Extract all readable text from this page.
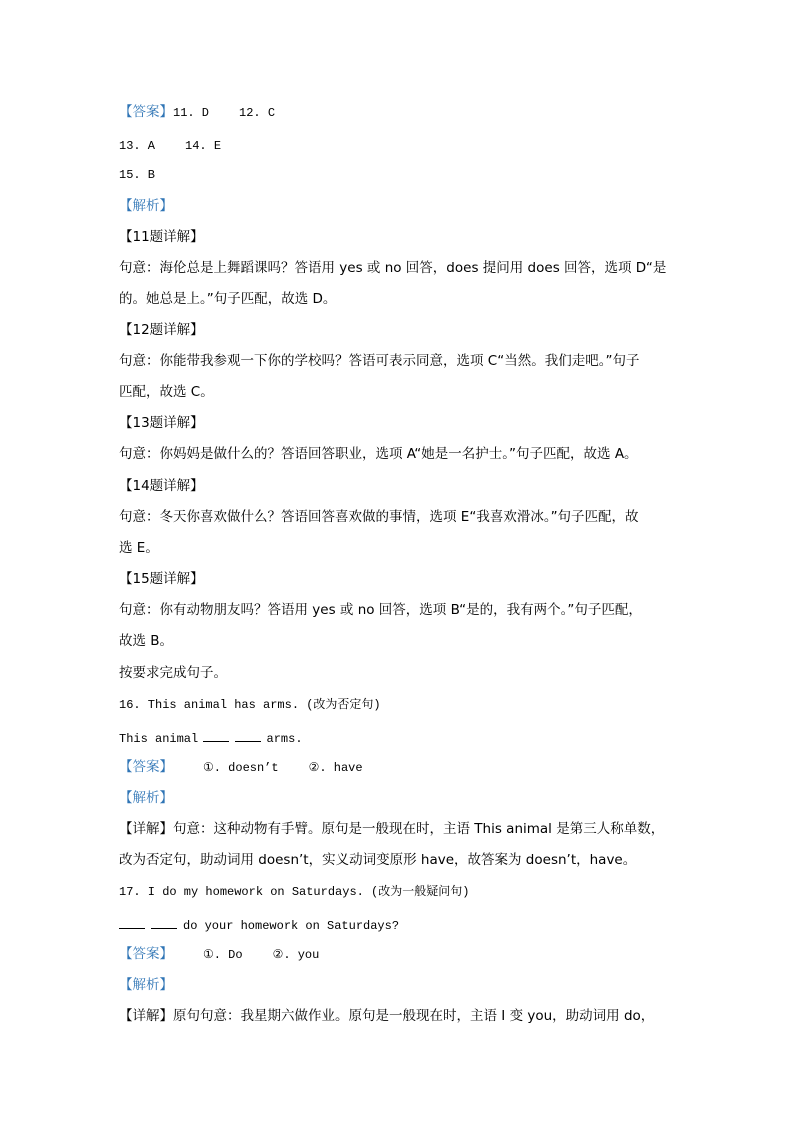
【答案】11. D	12. C
13. A	14. E
15. B
【解析】
【11题详解】
句意：海伦总是上舞蹈课吗？答语用 yes 或 no 回答，does 提问用 does 回答，选项 D“是
的。她总是上。”句子匹配，故选 D。
【12题详解】
句意：你能带我参观一下你的学校吗？答语可表示同意，选项 C“当然。我们走吧。”句子
匹配，故选 C。
【13题详解】
句意：你妈妈是做什么的？答语回答职业，选项 A“她是一名护士。”句子匹配，故选 A。
【14题详解】
句意：冬天你喜欢做什么？答语回答喜欢做的事情，选项 E“我喜欢滑冰。”句子匹配，故
选 E。
【15题详解】
句意：你有动物朋友吗？答语用 yes 或 no 回答，选项 B“是的，我有两个。”句子匹配，
故选 B。
按要求完成句子。
16. This animal has arms. (改为否定句)
This animal	arms.
【答案】	①. doesn’t	②. have
【解析】
【详解】句意：这种动物有手臂。原句是一般现在时，主语 This animal 是第三人称单数，
改为否定句，助动词用 doesn’t，实义动词变原形 have，故答案为 doesn’t，have。
17. I do my homework on Saturdays. (改为一般疑问句)
do your homework on Saturdays?
【答案】	①. Do	②. you
【解析】
【详解】原句句意：我星期六做作业。原句是一般现在时，主语 I 变 you，助动词用 do，
